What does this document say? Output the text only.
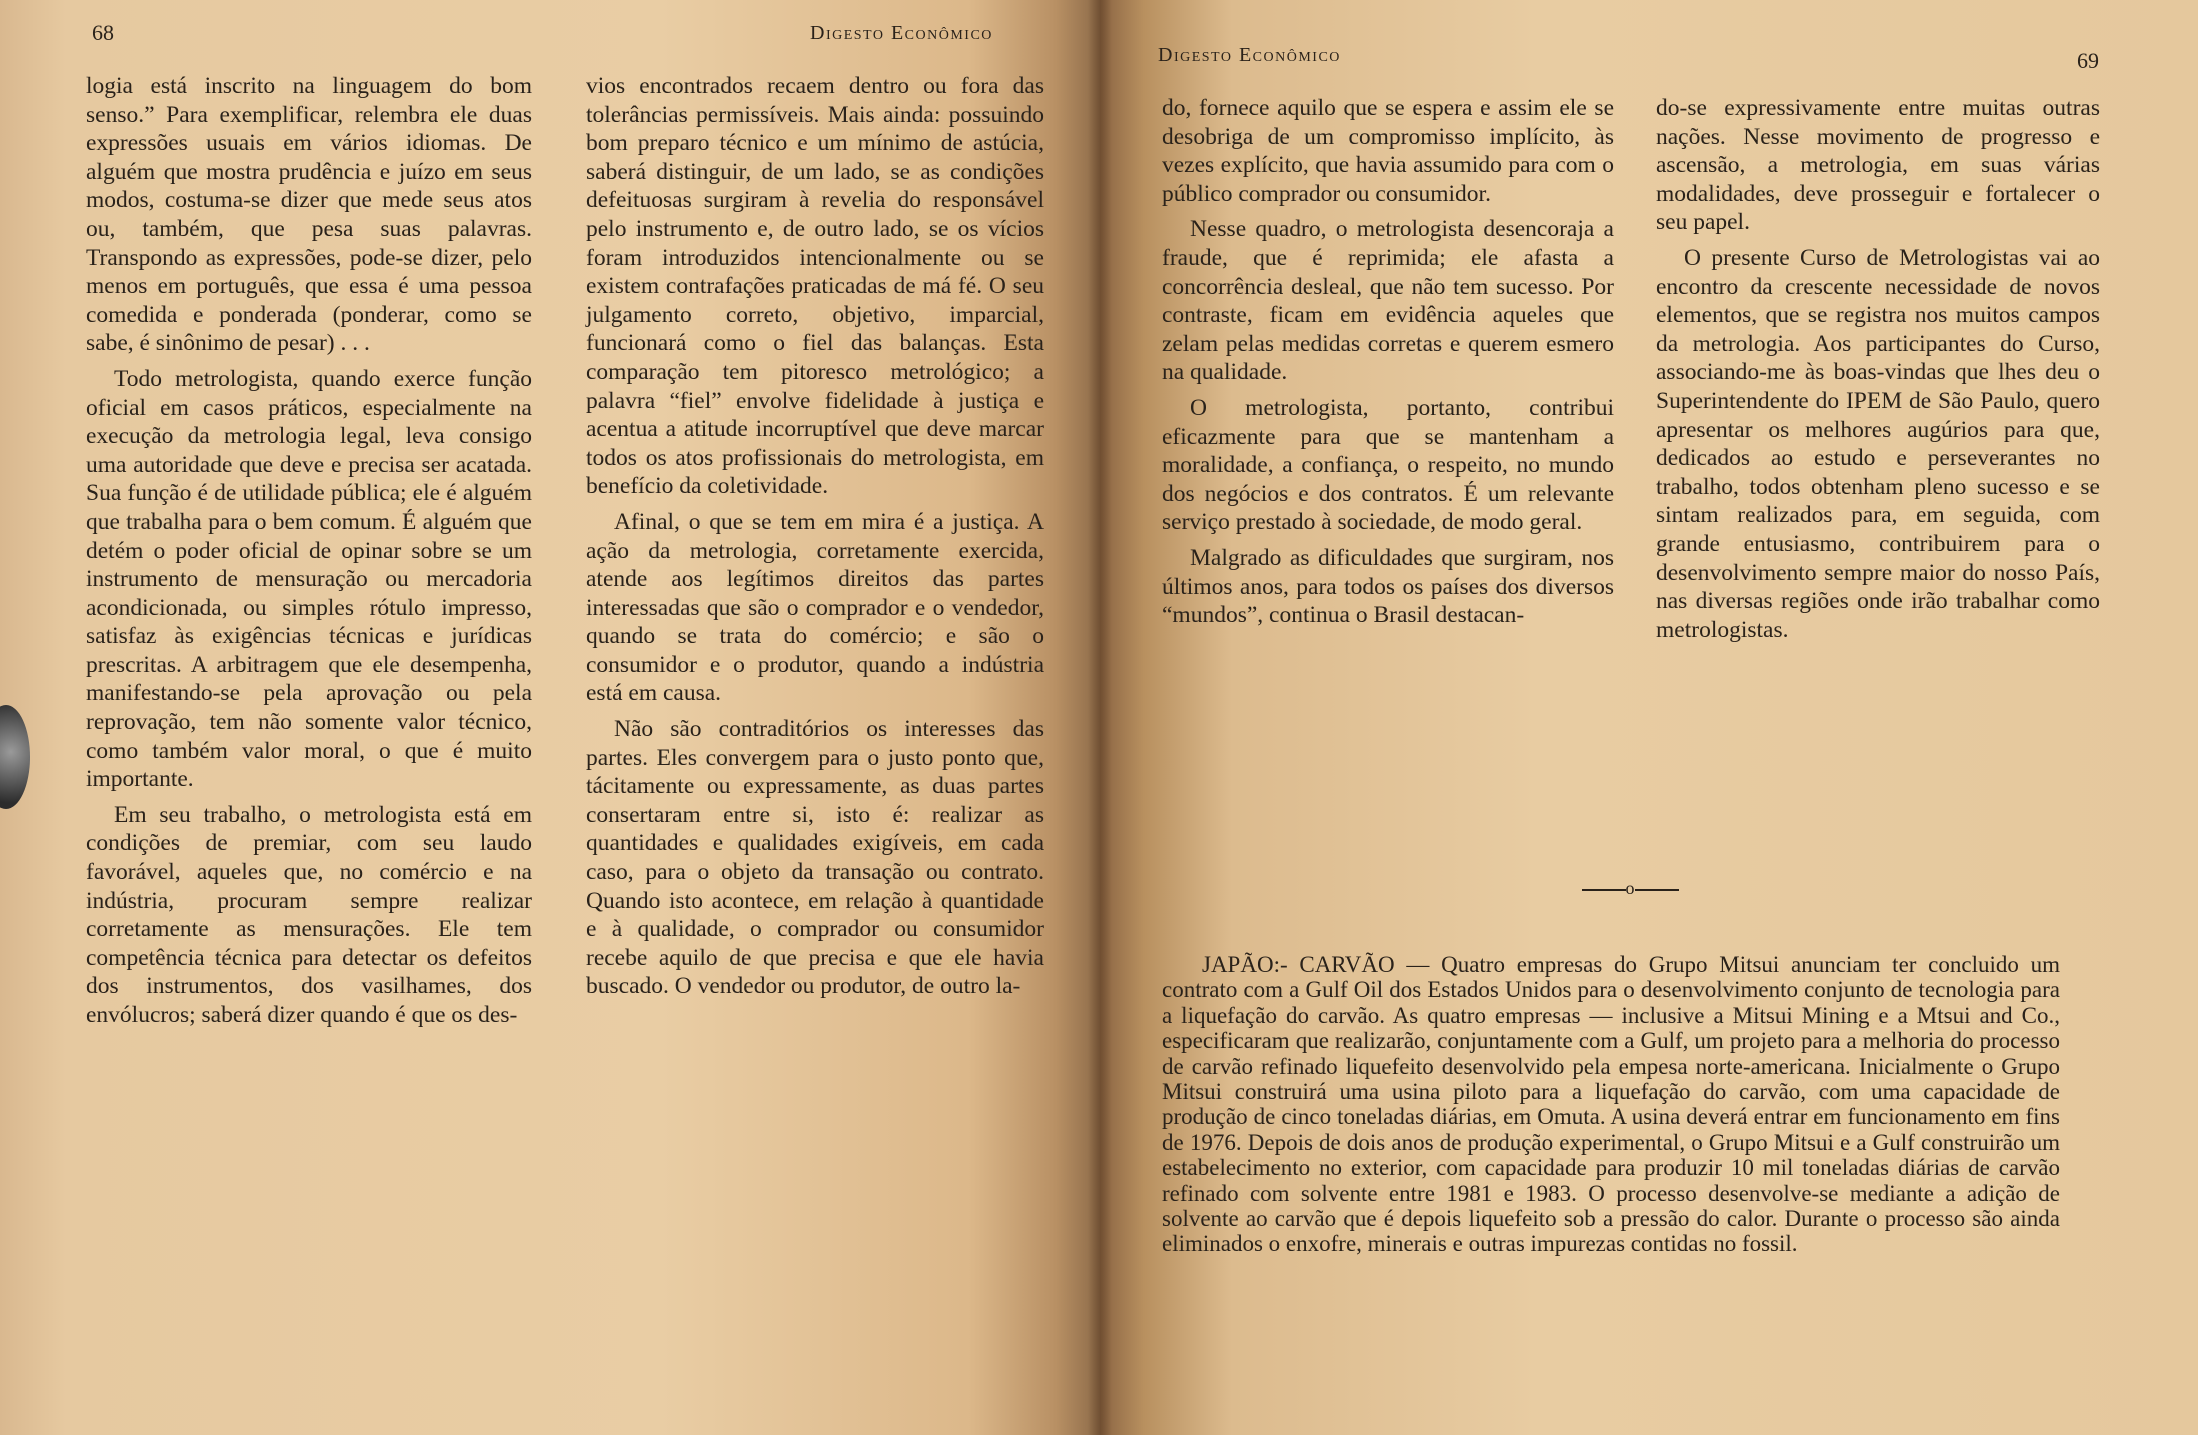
68	Digesto Econômico

logia está inscrito na linguagem do bom senso.” Para exemplificar, relembra ele duas expressões usuais em vários idiomas. De alguém que mostra prudência e juízo em seus modos, costuma-se dizer que mede seus atos ou, também, que pesa suas palavras. Transpondo as expressões, pode-se dizer, pelo menos em português, que essa é uma pessoa comedida e ponderada (ponderar, como se sabe, é sinônimo de pesar) . . .

Todo metrologista, quando exerce função oficial em casos práticos, especialmente na execução da metrologia legal, leva consigo uma autoridade que deve e precisa ser acatada. Sua função é de utilidade pública; ele é alguém que trabalha para o bem comum. É alguém que detém o poder oficial de opinar sobre se um instrumento de mensuração ou mercadoria acondicionada, ou simples rótulo impresso, satisfaz às exigências técnicas e jurídicas prescritas. A arbitragem que ele desempenha, manifestando-se pela aprovação ou pela reprovação, tem não somente valor técnico, como também valor moral, o que é muito importante.

Em seu trabalho, o metrologista está em condições de premiar, com seu laudo favorável, aqueles que, no comércio e na indústria, procuram sempre realizar corretamente as mensurações. Ele tem competência técnica para detectar os defeitos dos instrumentos, dos vasilhames, dos envólucros; saberá dizer quando é que os des-

vios encontrados recaem dentro ou fora das tolerâncias permissíveis. Mais ainda: possuindo bom preparo técnico e um mínimo de astúcia, saberá distinguir, de um lado, se as condições defeituosas surgiram à revelia do responsável pelo instrumento e, de outro lado, se os vícios foram introduzidos intencionalmente ou se existem contrafações praticadas de má fé. O seu julgamento correto, objetivo, imparcial, funcionará como o fiel das balanças. Esta comparação tem pitoresco metrológico; a palavra “fiel” envolve fidelidade à justiça e acentua a atitude incorruptível que deve marcar todos os atos profissionais do metrologista, em benefício da coletividade.

Afinal, o que se tem em mira é a justiça. A ação da metrologia, corretamente exercida, atende aos legítimos direitos das partes interessadas que são o comprador e o vendedor, quando se trata do comércio; e são o consumidor e o produtor, quando a indústria está em causa.

Não são contraditórios os interesses das partes. Eles convergem para o justo ponto que, tácitamente ou expressamente, as duas partes consertaram entre si, isto é: realizar as quantidades e qualidades exigíveis, em cada caso, para o objeto da transação ou contrato. Quando isto acontece, em relação à quantidade e à qualidade, o comprador ou consumidor recebe aquilo de que precisa e que ele havia buscado. O vendedor ou produtor, de outro la-

Digesto Econômico	69

do, fornece aquilo que se espera e assim ele se desobriga de um compromisso implícito, às vezes explícito, que havia assumido para com o público comprador ou consumidor.

Nesse quadro, o metrologista desencoraja a fraude, que é reprimida; ele afasta a concorrência desleal, que não tem sucesso. Por contraste, ficam em evidência aqueles que zelam pelas medidas corretas e querem esmero na qualidade.

O metrologista, portanto, contribui eficazmente para que se mantenham a moralidade, a confiança, o respeito, no mundo dos negócios e dos contratos. É um relevante serviço prestado à sociedade, de modo geral.

Malgrado as dificuldades que surgiram, nos últimos anos, para todos os países dos diversos “mundos”, continua o Brasil destacan-

do-se expressivamente entre muitas outras nações. Nesse movimento de progresso e ascensão, a metrologia, em suas várias modalidades, deve prosseguir e fortalecer o seu papel.

O presente Curso de Metrologistas vai ao encontro da crescente necessidade de novos elementos, que se registra nos muitos campos da metrologia. Aos participantes do Curso, associando-me às boas-vindas que lhes deu o Superintendente do IPEM de São Paulo, quero apresentar os melhores augúrios para que, dedicados ao estudo e perseverantes no trabalho, todos obtenham pleno sucesso e se sintam realizados para, em seguida, com grande entusiasmo, contribuirem para o desenvolvimento sempre maior do nosso País, nas diversas regiões onde irão trabalhar como metrologistas.

o

JAPÃO:- CARVÃO — Quatro empresas do Grupo Mitsui anunciam ter concluido um contrato com a Gulf Oil dos Estados Unidos para o desenvolvimento conjunto de tecnologia para a liquefação do carvão. As quatro empresas — inclusive a Mitsui Mining e a Mtsui and Co., especificaram que realizarão, conjuntamente com a Gulf, um projeto para a melhoria do processo de carvão refinado liquefeito desenvolvido pela empesa norte-americana. Inicialmente o Grupo Mitsui construirá uma usina piloto para a liquefação do carvão, com uma capacidade de produção de cinco toneladas diárias, em Omuta. A usina deverá entrar em funcionamento em fins de 1976. Depois de dois anos de produção experimental, o Grupo Mitsui e a Gulf construirão um estabelecimento no exterior, com capacidade para produzir 10 mil toneladas diárias de carvão refinado com solvente entre 1981 e 1983. O processo desenvolve-se mediante a adição de solvente ao carvão que é depois liquefeito sob a pressão do calor. Durante o processo são ainda eliminados o enxofre, minerais e outras impurezas contidas no fossil.
